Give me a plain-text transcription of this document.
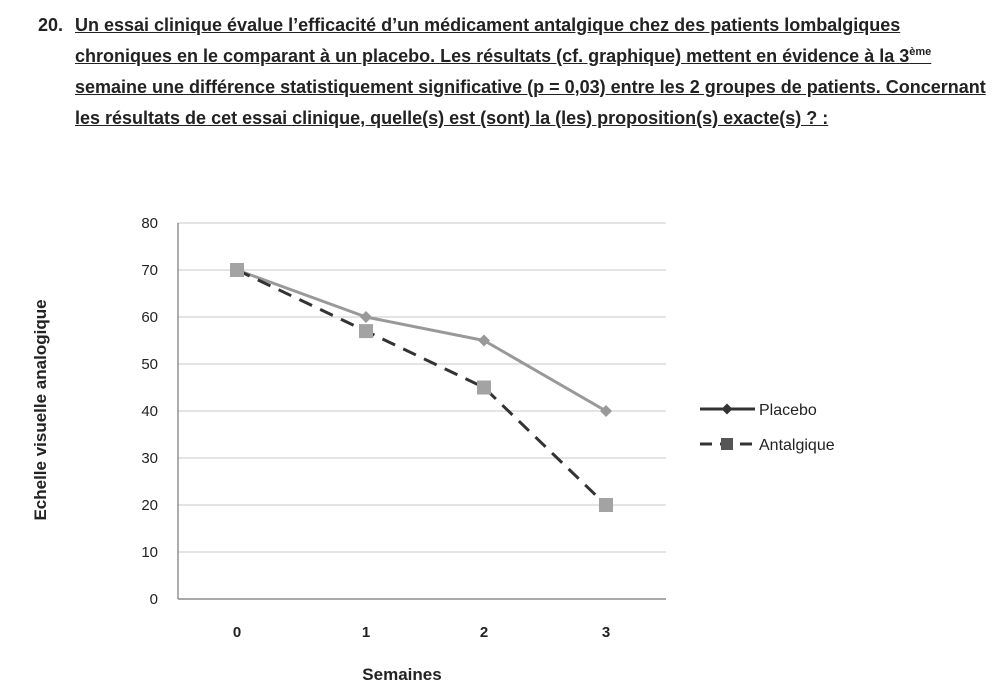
20. Un essai clinique évalue l’efficacité d’un médicament antalgique chez des patients lombalgiques chroniques en le comparant à un placebo. Les résultats (cf. graphique) mettent en évidence à la 3ème semaine une différence statistiquement significative (p = 0,03) entre les 2 groupes de patients. Concernant les résultats de cet essai clinique, quelle(s) est (sont) la (les) proposition(s) exacte(s) ? :
0
10
20
30
40
50
60
70
80
0	1	2	3
Placebo
Antalgique
Echelle visuelle analogique
Semaines
